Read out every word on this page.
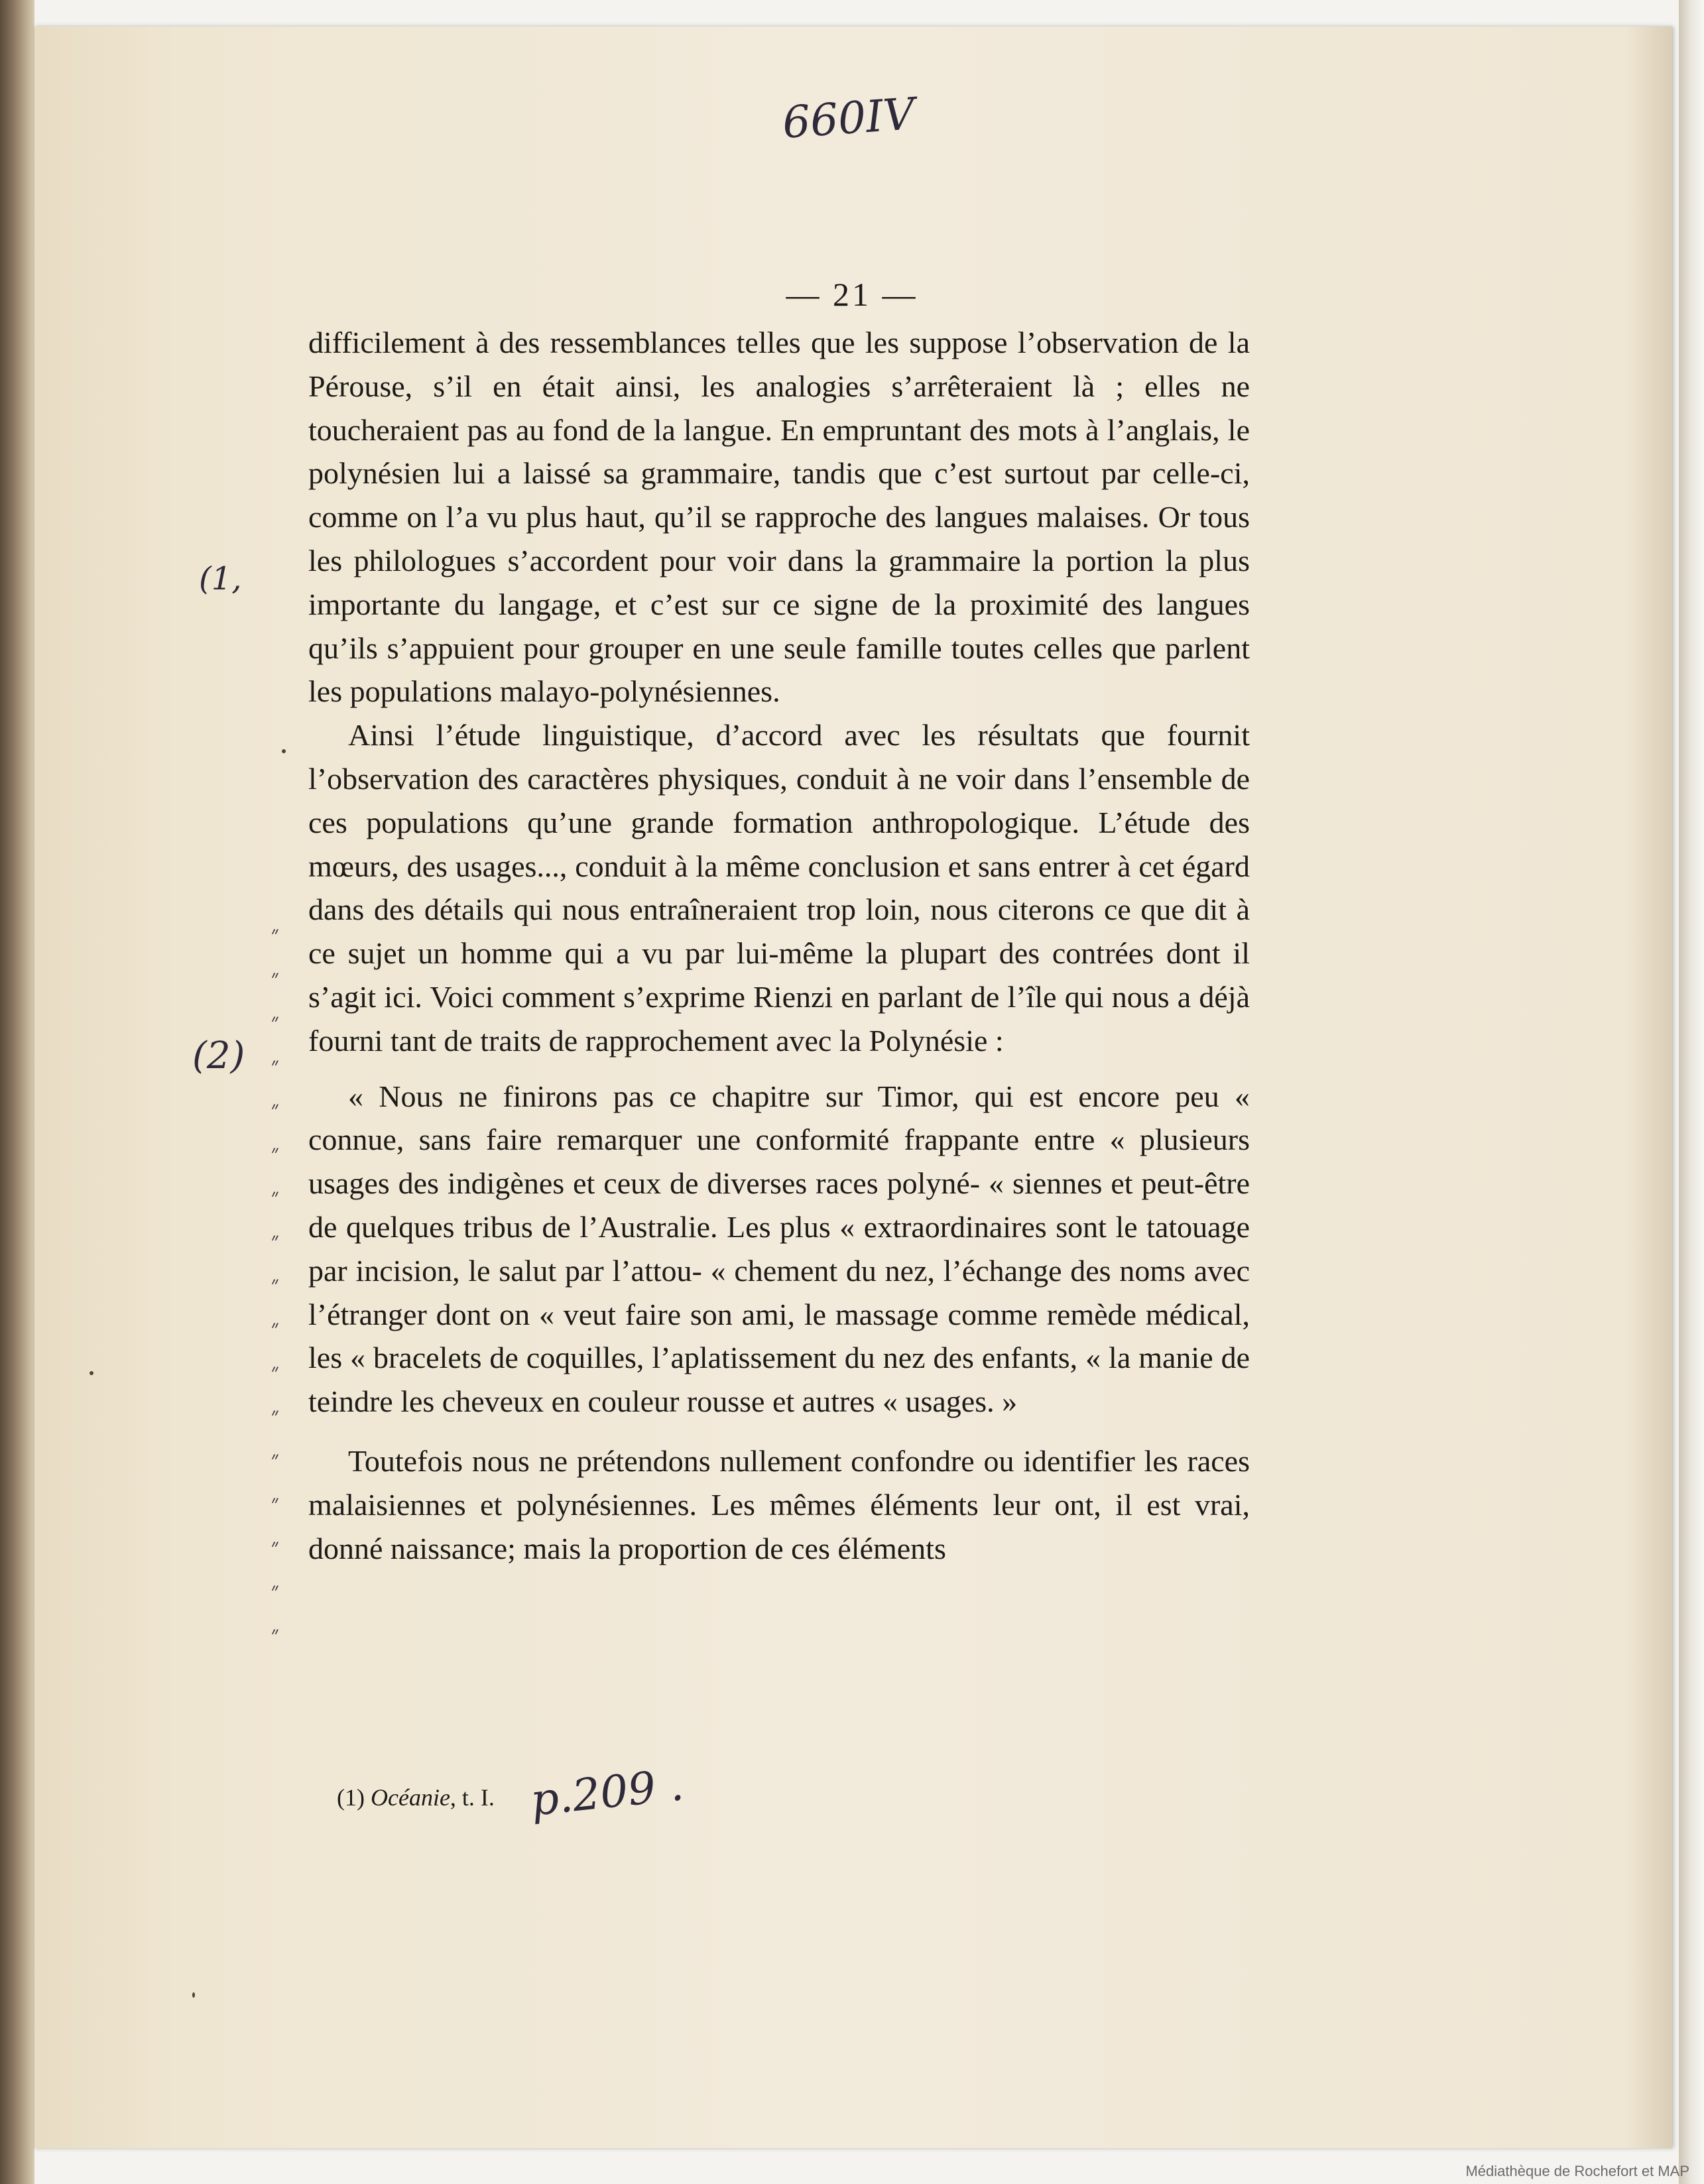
660IV
— 21 —

difficilement à des ressemblances telles que les suppose l’observation de la Pérouse, s’il en était ainsi, les analogies s’arrêteraient là ; elles ne toucheraient pas au fond de la langue. En empruntant des mots à l’anglais, le polynésien lui a laissé sa grammaire, tandis que c’est surtout par celle-ci, comme on l’a vu plus haut, qu’il se rapproche des langues malaises. Or tous les philologues s’accordent pour voir dans la grammaire la portion la plus importante du langage, et c’est sur ce signe de la proximité des langues qu’ils s’appuient pour grouper en une seule famille toutes celles que parlent les populations malayo-polynésiennes.

Ainsi l’étude linguistique, d’accord avec les résultats que fournit l’observation des caractères physiques, conduit à ne voir dans l’ensemble de ces populations qu’une grande formation anthropologique. L’étude des mœurs, des usages..., conduit à la même conclusion et sans entrer à cet égard dans des détails qui nous entraîneraient trop loin, nous citerons ce que dit à ce sujet un homme qui a vu par lui-même la plupart des contrées dont il s’agit ici. Voici comment s’exprime Rienzi en parlant de l’île qui nous a déjà fourni tant de traits de rapprochement avec la Polynésie :

« Nous ne finirons pas ce chapitre sur Timor, qui est encore peu « connue, sans faire remarquer une conformité frappante entre « plusieurs usages des indigènes et ceux de diverses races polyné- « siennes et peut-être de quelques tribus de l’Australie. Les plus « extraordinaires sont le tatouage par incision, le salut par l’attou- « chement du nez, l’échange des noms avec l’étranger dont on « veut faire son ami, le massage comme remède médical, les « bracelets de coquilles, l’aplatissement du nez des enfants, « la manie de teindre les cheveux en couleur rousse et autres « usages. »

Toutefois nous ne prétendons nullement confondre ou identifier les races malaisiennes et polynésiennes. Les mêmes éléments leur ont, il est vrai, donné naissance; mais la proportion de ces éléments

(1,
(2)
״
״
״
״
״
״
״
״
״
״
״
״
״
״
״
״
״
(1) Océanie, t. I. p.209 .
Médiathèque de Rochefort et MAP
